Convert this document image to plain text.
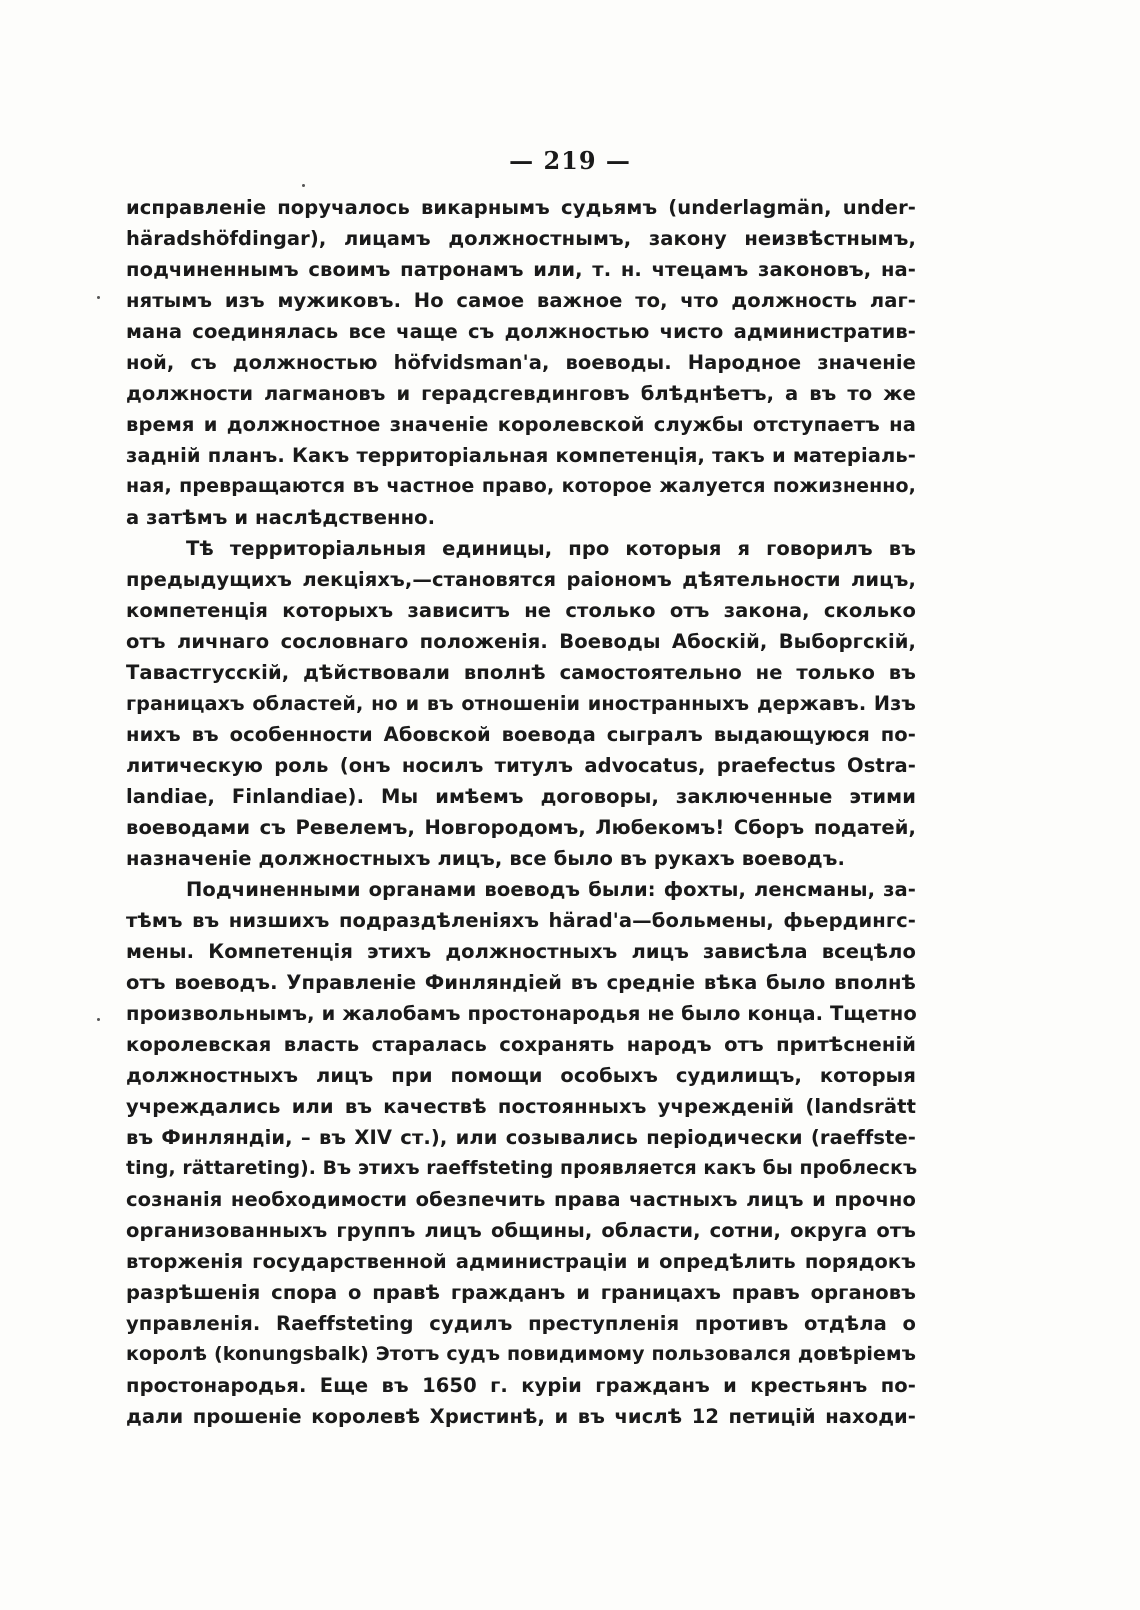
— 219 —
исправленіе поручалось викарнымъ судьямъ (underlagmän, under-
häradshöfdingar), лицамъ должностнымъ, закону неизвѣстнымъ,
подчиненнымъ своимъ патронамъ или, т. н. чтецамъ законовъ, на-
нятымъ изъ мужиковъ. Но самое важное то, что должность лаг-
мана соединялась все чаще съ должностью чисто административ-
ной, съ должностью höfvidsman'а, воеводы. Народное значеніе
должности лагмановъ и герадсгевдинговъ блѣднѣетъ, а въ то же
время и должностное значеніе королевской службы отступаетъ на
задній планъ. Какъ территоріальная компетенція, такъ и матеріаль-
ная, превращаются въ частное право, которое жалуется пожизненно,
а затѣмъ и наслѣдственно.
Тѣ территоріальныя единицы, про которыя я говорилъ въ
предыдущихъ лекціяхъ,—становятся раіономъ дѣятельности лицъ,
компетенція которыхъ зависитъ не столько отъ закона, сколько
отъ личнаго сословнаго положенія. Воеводы Абоскій, Выборгскій,
Тавастгусскій, дѣйствовали вполнѣ самостоятельно не только въ
границахъ областей, но и въ отношеніи иностранныхъ державъ. Изъ
нихъ въ особенности Абовской воевода сыгралъ выдающуюся по-
литическую роль (онъ носилъ титулъ advocatus, praefectus Ostra-
landiae, Finlandiae). Мы имѣемъ договоры, заключенные этими
воеводами съ Ревелемъ, Новгородомъ, Любекомъ! Сборъ податей,
назначеніе должностныхъ лицъ, все было въ рукахъ воеводъ.
Подчиненными органами воеводъ были: фохты, ленсманы, за-
тѣмъ въ низшихъ подраздѣленіяхъ härad'a—больмены, фьердингс-
мены. Компетенція этихъ должностныхъ лицъ зависѣла всецѣло
отъ воеводъ. Управленіе Финляндіей въ средніе вѣка было вполнѣ
произвольнымъ, и жалобамъ простонародья не было конца. Тщетно
королевская власть старалась сохранять народъ отъ притѣсненій
должностныхъ лицъ при помощи особыхъ судилищъ, которыя
учреждались или въ качествѣ постоянныхъ учрежденій (landsrätt
въ Финляндіи, – въ XIV ст.), или созывались періодически (raeffste-
ting, rättareting). Въ этихъ raeffsteting проявляется какъ бы проблескъ
сознанія необходимости обезпечить права частныхъ лицъ и прочно
организованныхъ группъ лицъ общины, области, сотни, округа отъ
вторженія государственной администраціи и опредѣлить порядокъ
разрѣшенія спора о правѣ гражданъ и границахъ правъ органовъ
управленія. Raeffsteting судилъ преступленія противъ отдѣла о
королѣ (konungsbalk) Этотъ судъ повидимому пользовался довѣріемъ
простонародья. Еще въ 1650 г. куріи гражданъ и крестьянъ по-
дали прошеніе королевѣ Христинѣ, и въ числѣ 12 петицій находи-
